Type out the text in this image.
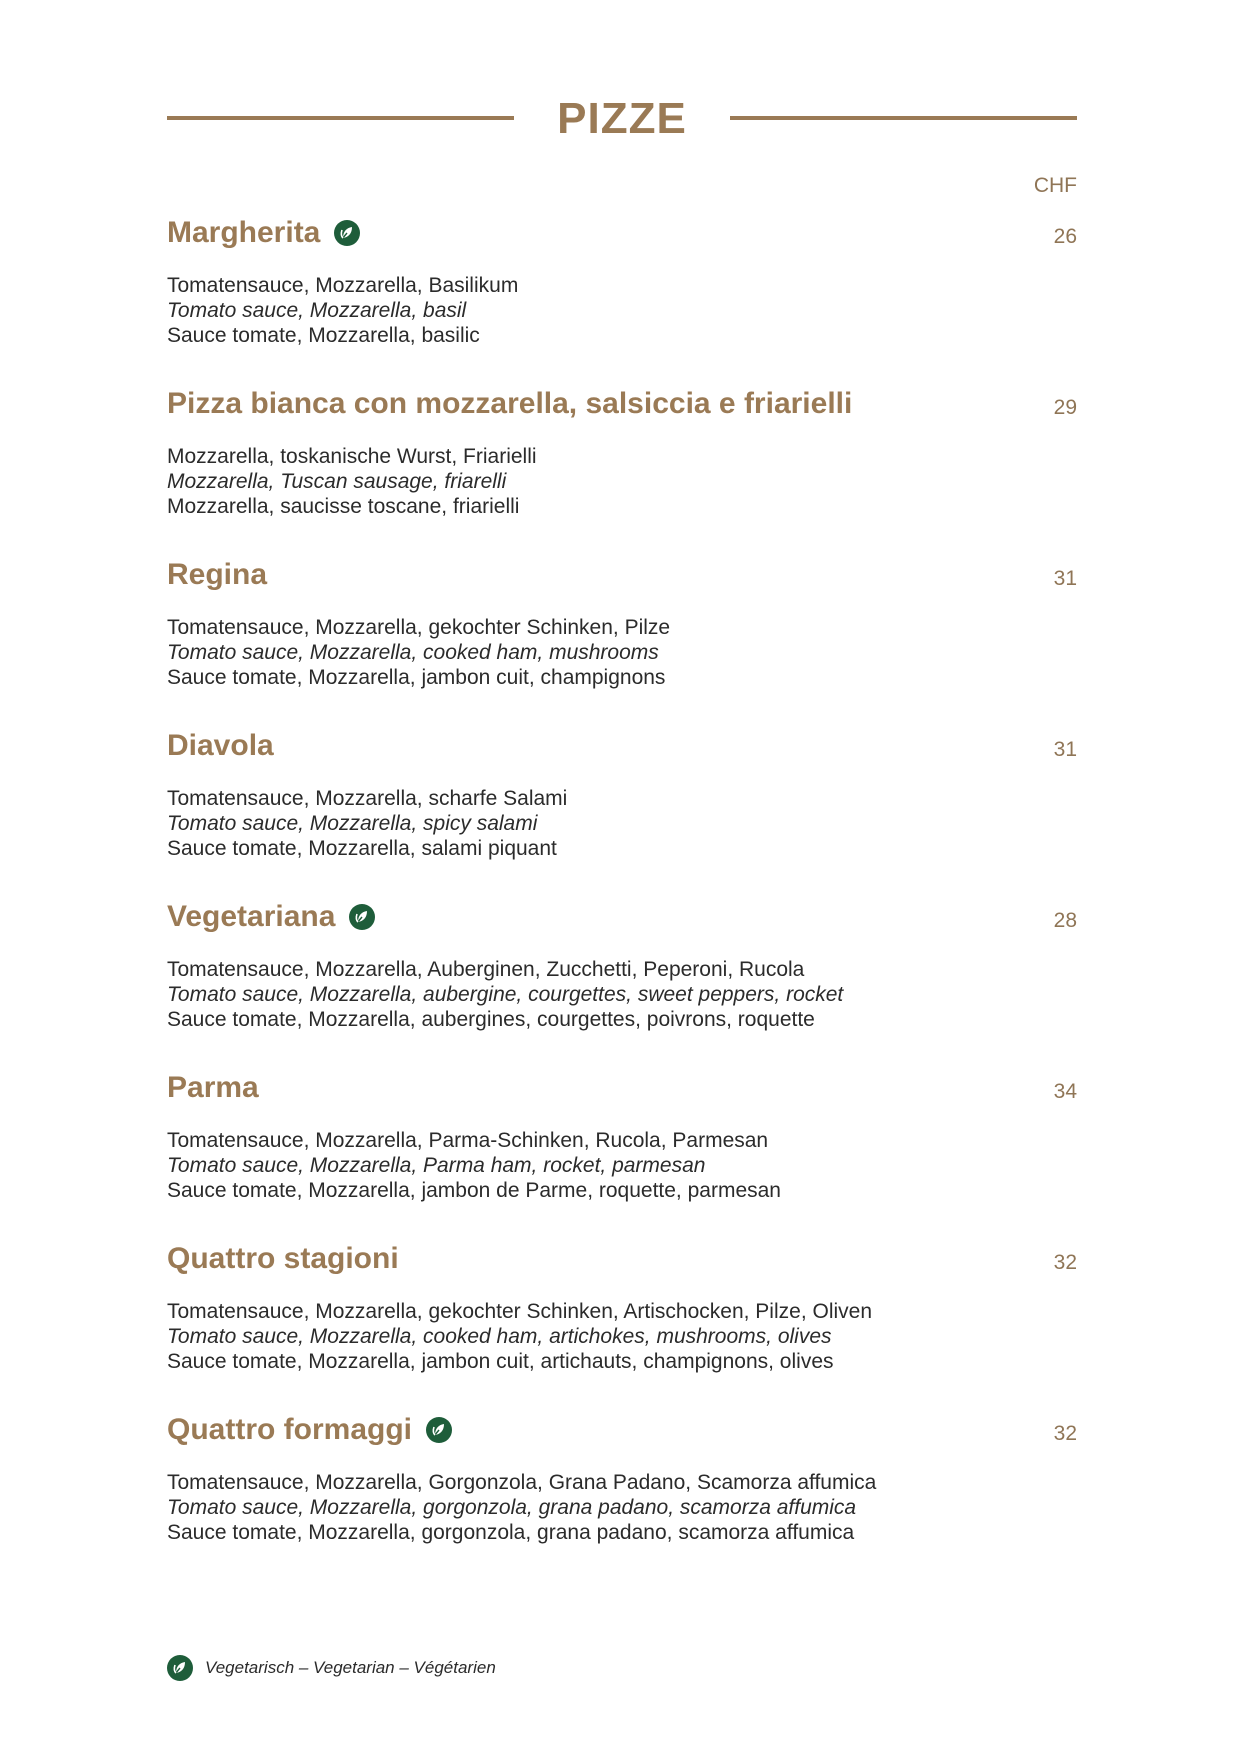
PIZZE
CHF
Margherita	26
Tomatensauce, Mozzarella, Basilikum
Tomato sauce, Mozzarella, basil
Sauce tomate, Mozzarella, basilic
Pizza bianca con mozzarella, salsiccia e friarielli	29
Mozzarella, toskanische Wurst, Friarielli
Mozzarella, Tuscan sausage, friarelli
Mozzarella, saucisse toscane, friarielli
Regina	31
Tomatensauce, Mozzarella, gekochter Schinken, Pilze
Tomato sauce, Mozzarella, cooked ham, mushrooms
Sauce tomate, Mozzarella, jambon cuit, champignons
Diavola	31
Tomatensauce, Mozzarella, scharfe Salami
Tomato sauce, Mozzarella, spicy salami
Sauce tomate, Mozzarella, salami piquant
Vegetariana	28
Tomatensauce, Mozzarella, Auberginen, Zucchetti, Peperoni, Rucola
Tomato sauce, Mozzarella, aubergine, courgettes, sweet peppers, rocket
Sauce tomate, Mozzarella, aubergines, courgettes, poivrons, roquette
Parma	34
Tomatensauce, Mozzarella, Parma-Schinken, Rucola, Parmesan
Tomato sauce, Mozzarella, Parma ham, rocket, parmesan
Sauce tomate, Mozzarella, jambon de Parme, roquette, parmesan
Quattro stagioni	32
Tomatensauce, Mozzarella, gekochter Schinken, Artischocken, Pilze, Oliven
Tomato sauce, Mozzarella, cooked ham, artichokes, mushrooms, olives
Sauce tomate, Mozzarella, jambon cuit, artichauts, champignons, olives
Quattro formaggi	32
Tomatensauce, Mozzarella, Gorgonzola, Grana Padano, Scamorza affumica
Tomato sauce, Mozzarella, gorgonzola, grana padano, scamorza affumica
Sauce tomate, Mozzarella, gorgonzola, grana padano, scamorza affumica
Vegetarisch – Vegetarian – Végétarien
